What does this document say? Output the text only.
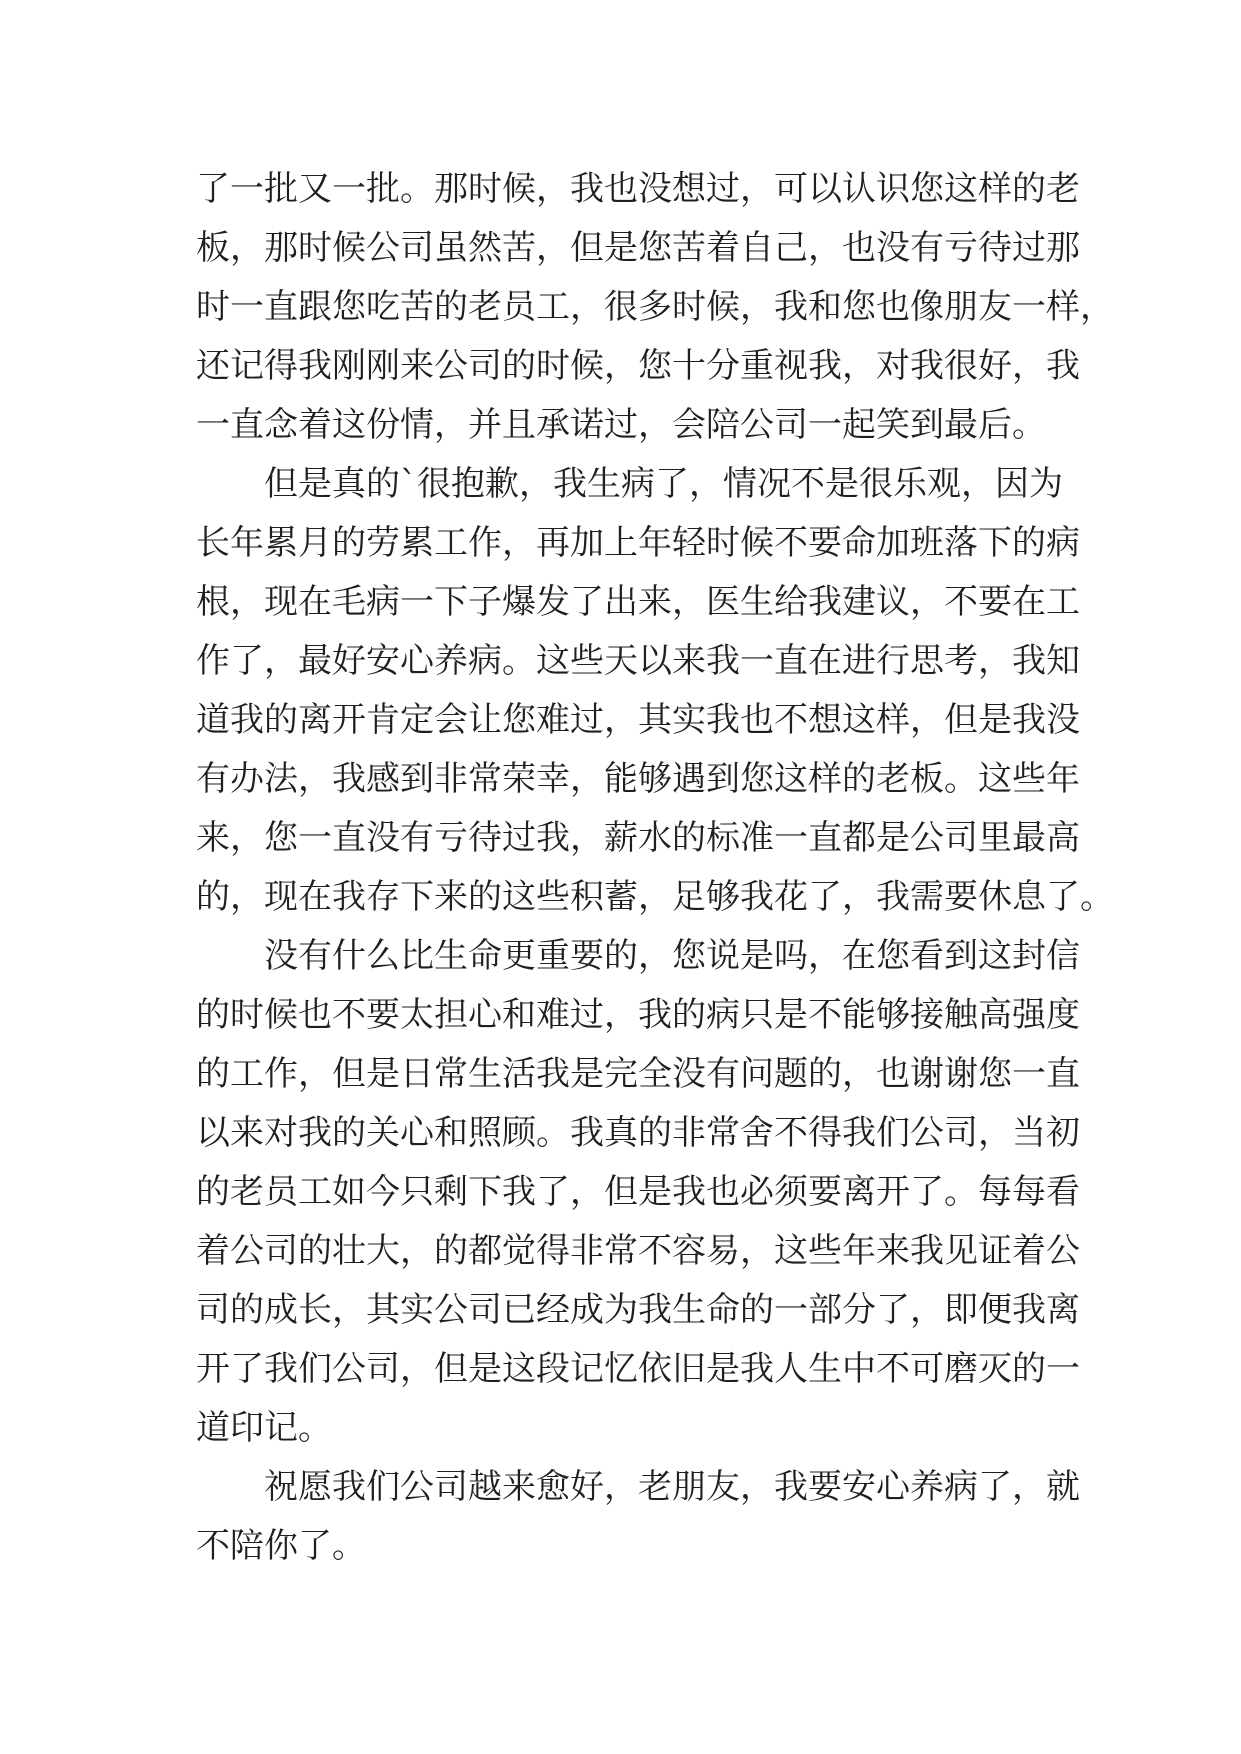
了一批又一批。那时候，我也没想过，可以认识您这样的老
板，那时候公司虽然苦，但是您苦着自己，也没有亏待过那
时一直跟您吃苦的老员工，很多时候，我和您也像朋友一样，
还记得我刚刚来公司的时候，您十分重视我，对我很好，我
一直念着这份情，并且承诺过，会陪公司一起笑到最后。
但是真的`很抱歉，我生病了，情况不是很乐观，因为
长年累月的劳累工作，再加上年轻时候不要命加班落下的病
根，现在毛病一下子爆发了出来，医生给我建议，不要在工
作了，最好安心养病。这些天以来我一直在进行思考，我知
道我的离开肯定会让您难过，其实我也不想这样，但是我没
有办法，我感到非常荣幸，能够遇到您这样的老板。这些年
来，您一直没有亏待过我，薪水的标准一直都是公司里最高
的，现在我存下来的这些积蓄，足够我花了，我需要休息了。
没有什么比生命更重要的，您说是吗，在您看到这封信
的时候也不要太担心和难过，我的病只是不能够接触高强度
的工作，但是日常生活我是完全没有问题的，也谢谢您一直
以来对我的关心和照顾。我真的非常舍不得我们公司，当初
的老员工如今只剩下我了，但是我也必须要离开了。每每看
着公司的壮大，的都觉得非常不容易，这些年来我见证着公
司的成长，其实公司已经成为我生命的一部分了，即便我离
开了我们公司，但是这段记忆依旧是我人生中不可磨灭的一
道印记。
祝愿我们公司越来愈好，老朋友，我要安心养病了，就
不陪你了。
